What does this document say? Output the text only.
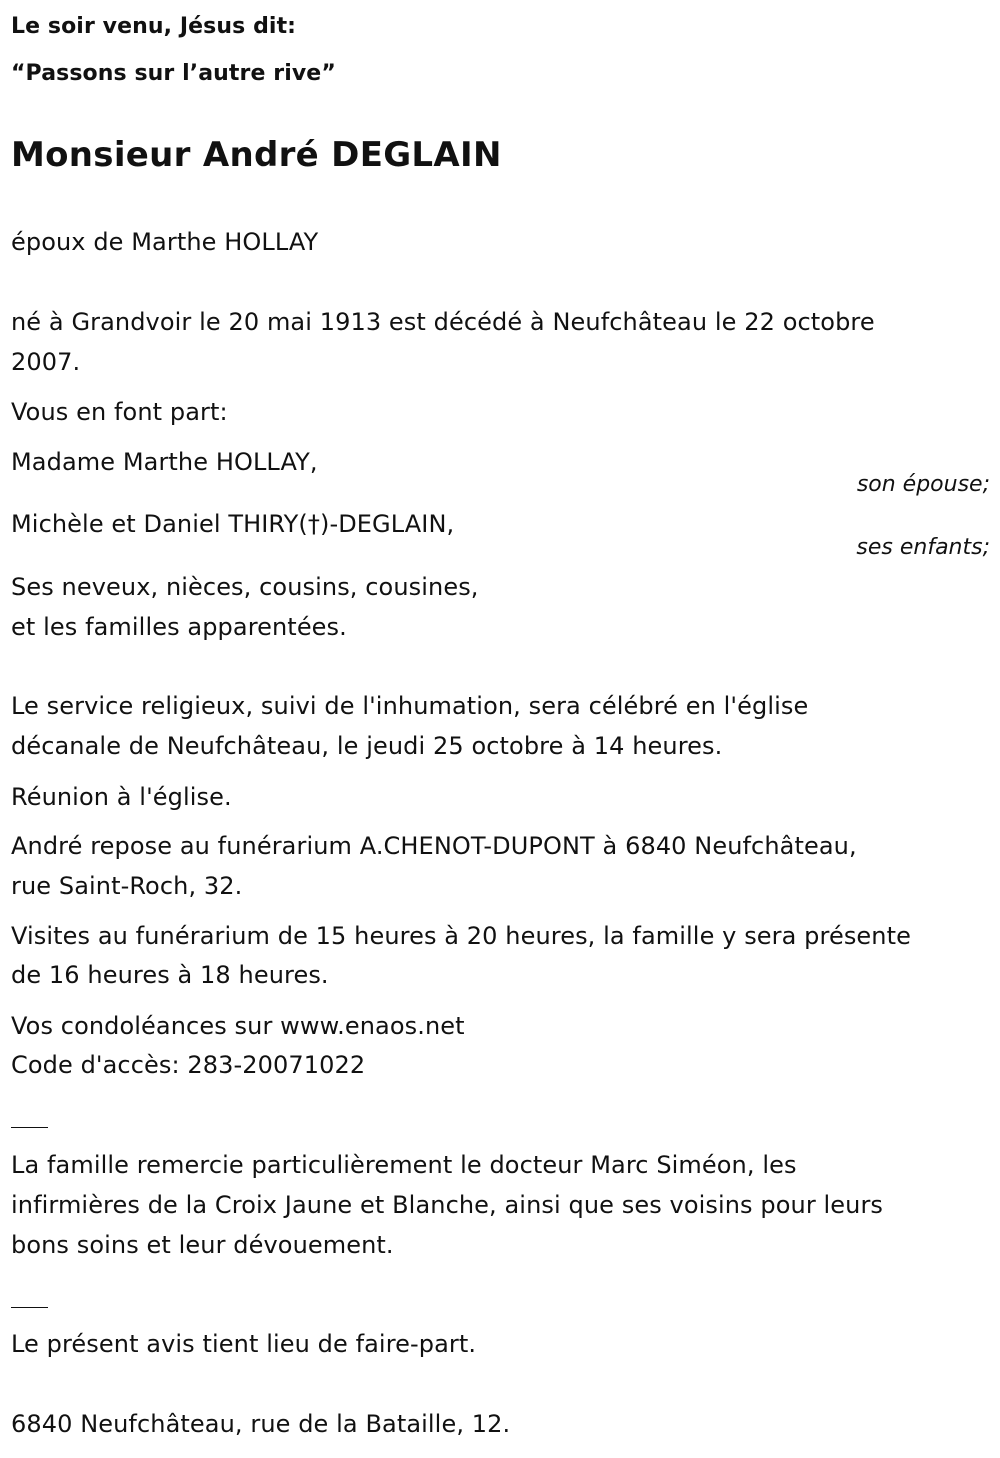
Le soir venu, Jésus dit:
“Passons sur l’autre rive”
Monsieur André DEGLAIN
époux de Marthe HOLLAY
né à Grandvoir le 20 mai 1913 est décédé à Neufchâteau le 22 octobre
2007.
Vous en font part:
Madame Marthe HOLLAY,
son épouse;
Michèle et Daniel THIRY(†)-DEGLAIN,
ses enfants;
Ses neveux, nièces, cousins, cousines,
et les familles apparentées.
Le service religieux, suivi de l'inhumation, sera célébré en l'église
décanale de Neufchâteau, le jeudi 25 octobre à 14 heures.
Réunion à l'église.
André repose au funérarium A.CHENOT-DUPONT à 6840 Neufchâteau,
rue Saint-Roch, 32.
Visites au funérarium de 15 heures à 20 heures, la famille y sera présente
de 16 heures à 18 heures.
Vos condoléances sur www.enaos.net
Code d'accès: 283-20071022
La famille remercie particulièrement le docteur Marc Siméon, les
infirmières de la Croix Jaune et Blanche, ainsi que ses voisins pour leurs
bons soins et leur dévouement.
Le présent avis tient lieu de faire-part.
6840 Neufchâteau, rue de la Bataille, 12.
